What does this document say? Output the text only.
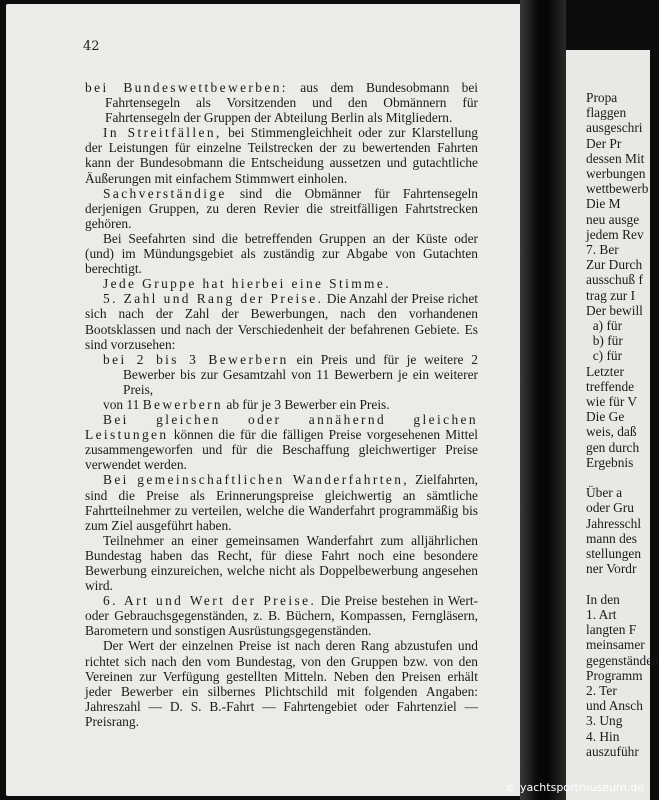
Propa
flaggen
ausgeschri
Der Pr
dessen Mit
werbungen
wettbewerb
Die M
neu ausge
jedem Rev
7. Ber
Zur Durch
ausschuß f
trag zur I
Der bewill
a) für
b) für
c) für
Letzter
treffende
wie für V
Die Ge
weis, daß
gen durch
Ergebnis

Über a
oder Gru
Jahresschl
mann des
stellungen
ner Vordr

In den
1. Art
langten F
meinsamer
gegenständen
Programm
2. Ter
und Ansch
3. Ung
4. Hin
auszuführ
42

bei Bundeswettbewerben: aus dem Bundesobmann bei Fahrtensegeln als Vorsitzenden und den Obmännern für Fahrtensegeln der Gruppen der Abteilung Berlin als Mitgliedern.

In Streitfällen, bei Stimmengleichheit oder zur Klarstellung der Leistungen für einzelne Teilstrecken der zu bewertenden Fahrten kann der Bundesobmann die Entscheidung aussetzen und gutachtliche Äußerungen mit einfachem Stimmwert einholen.

Sachverständige sind die Obmänner für Fahrtensegeln derjenigen Gruppen, zu deren Revier die streitfälligen Fahrtstrecken gehören.

Bei Seefahrten sind die betreffenden Gruppen an der Küste oder (und) im Mündungsgebiet als zuständig zur Abgabe von Gutachten berechtigt.

Jede Gruppe hat hierbei eine Stimme.

5. Zahl und Rang der Preise. Die Anzahl der Preise richet sich nach der Zahl der Bewerbungen, nach den vorhandenen Bootsklassen und nach der Verschiedenheit der befahrenen Gebiete. Es sind vorzusehen:

bei 2 bis 3 Bewerbern ein Preis und für je weitere 2 Bewerber bis zur Gesamtzahl von 11 Bewerbern je ein weiterer Preis,

von 11 Bewerbern ab für je 3 Bewerber ein Preis.

Bei gleichen oder annähernd gleichen Leistungen können die für die fälligen Preise vorgesehenen Mittel zusammengeworfen und für die Beschaffung gleichwertiger Preise verwendet werden.

Bei gemeinschaftlichen Wanderfahrten, Zielfahrten, sind die Preise als Erinnerungspreise gleichwertig an sämtliche Fahrtteilnehmer zu verteilen, welche die Wanderfahrt programmäßig bis zum Ziel ausgeführt haben.

Teilnehmer an einer gemeinsamen Wanderfahrt zum alljährlichen Bundestag haben das Recht, für diese Fahrt noch eine besondere Bewerbung einzureichen, welche nicht als Doppelbewerbung angesehen wird.

6. Art und Wert der Preise. Die Preise bestehen in Wert- oder Gebrauchsgegenständen, z. B. Büchern, Kompassen, Ferngläsern, Barometern und sonstigen Ausrüstungsgegenständen.

Der Wert der einzelnen Preise ist nach deren Rang abzustufen und richtet sich nach den vom Bundestag, von den Gruppen bzw. von den Vereinen zur Verfügung gestellten Mitteln. Neben den Preisen erhält jeder Bewerber ein silbernes Plichtschild mit folgenden Angaben: Jahreszahl — D. S. B.-Fahrt — Fahrtengebiet oder Fahrtenziel — Preisrang.

© yachtsportmuseum.de
